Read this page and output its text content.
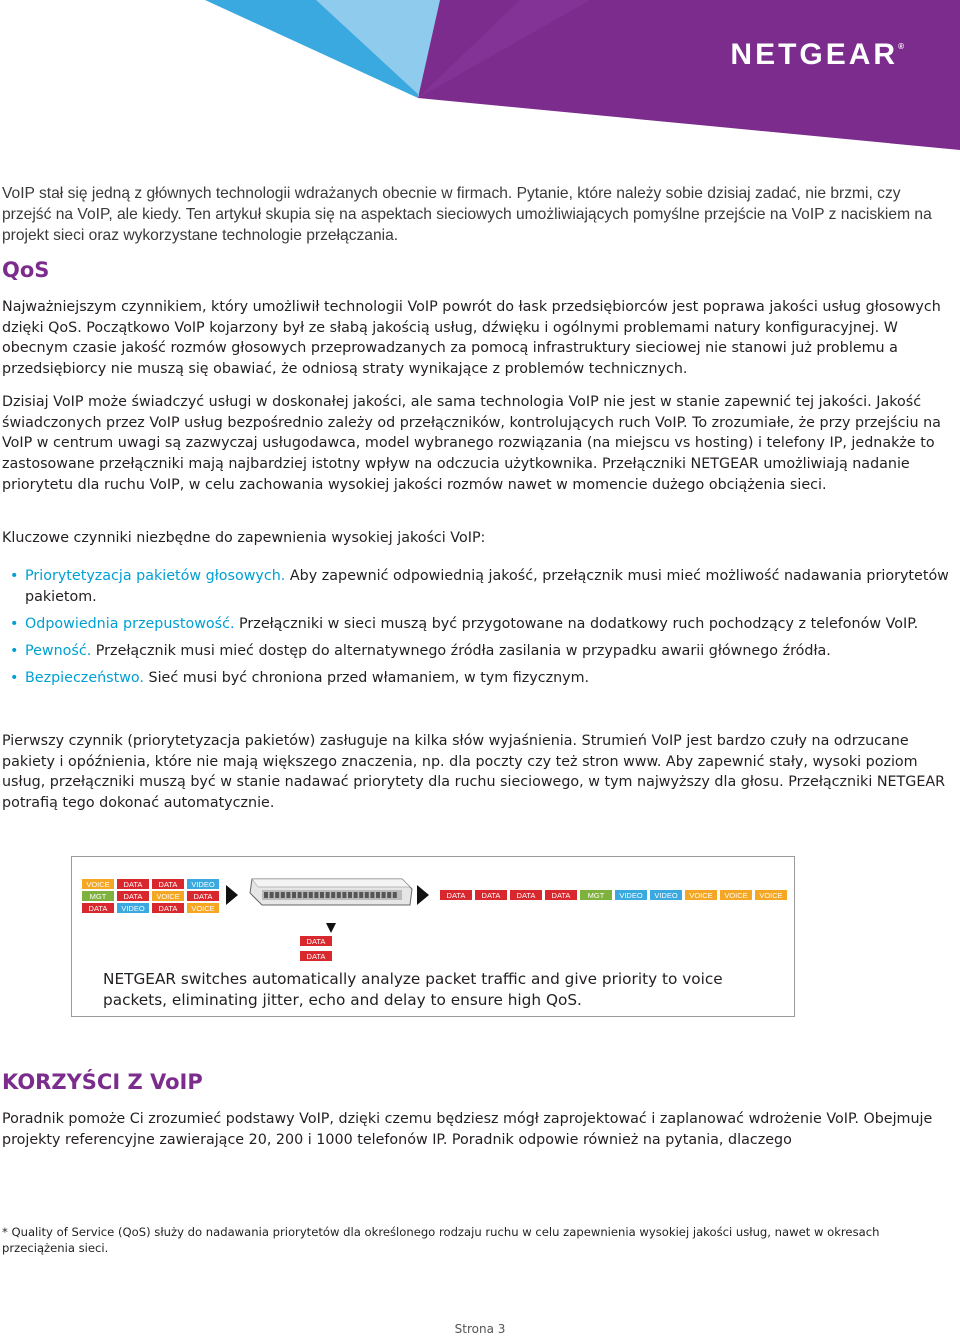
NETGEAR®

VoIP stał się jedną z głównych technologii wdrażanych obecnie w firmach. Pytanie, które należy sobie dzisiaj zadać, nie brzmi, czy przejść na VoIP, ale kiedy. Ten artykuł skupia się na aspektach sieciowych umożliwiających pomyślne przejście na VoIP z naciskiem na projekt sieci oraz wykorzystane technologie przełączania.

QoS

Najważniejszym czynnikiem, który umożliwił technologii VoIP powrót do łask przedsiębiorców jest poprawa jakości usług głosowych dzięki QoS. Początkowo VoIP kojarzony był ze słabą jakością usług, dźwięku i ogólnymi problemami natury konfiguracyjnej. W obecnym czasie jakość rozmów głosowych przeprowadzanych za pomocą infrastruktury sieciowej nie stanowi już problemu a przedsiębiorcy nie muszą się obawiać, że odniosą straty wynikające z problemów technicznych.

Dzisiaj VoIP może świadczyć usługi w doskonałej jakości, ale sama technologia VoIP nie jest w stanie zapewnić tej jakości. Jakość świadczonych przez VoIP usług bezpośrednio zależy od przełączników, kontrolujących ruch VoIP. To zrozumiałe, że przy przejściu na VoIP w centrum uwagi są zazwyczaj usługodawca, model wybranego rozwiązania (na miejscu vs hosting) i telefony IP, jednakże to zastosowane przełączniki mają najbardziej istotny wpływ na odczucia użytkownika. Przełączniki NETGEAR umożliwiają nadanie priorytetu dla ruchu VoIP, w celu zachowania wysokiej jakości rozmów nawet w momencie dużego obciążenia sieci.

Kluczowe czynniki niezbędne do zapewnienia wysokiej jakości VoIP:

• Priorytetyzacja pakietów głosowych. Aby zapewnić odpowiednią jakość, przełącznik musi mieć możliwość nadawania priorytetów pakietom.
• Odpowiednia przepustowość. Przełączniki w sieci muszą być przygotowane na dodatkowy ruch pochodzący z telefonów VoIP.
• Pewność. Przełącznik musi mieć dostęp do alternatywnego źródła zasilania w przypadku awarii głównego źródła.
• Bezpieczeństwo. Sieć musi być chroniona przed włamaniem, w tym fizycznym.

Pierwszy czynnik (priorytetyzacja pakietów) zasługuje na kilka słów wyjaśnienia. Strumień VoIP jest bardzo czuły na odrzucane pakiety i opóźnienia, które nie mają większego znaczenia, np. dla poczty czy też stron www. Aby zapewnić stały, wysoki poziom usług, przełączniki muszą być w stanie nadawać priorytety dla ruchu sieciowego, w tym najwyższy dla głosu. Przełączniki NETGEAR potrafią tego dokonać automatycznie.

VOICE DATA DATA VIDEO
MGT DATA VOICE DATA
DATA VIDEO DATA VOICE
DATA DATA DATA DATA MGT VIDEO VIDEO VOICE VOICE VOICE
DATA
DATA
NETGEAR switches automatically analyze packet traffic and give priority to voice packets, eliminating jitter, echo and delay to ensure high QoS.
KORZYŚCI Z VoIP

Poradnik pomoże Ci zrozumieć podstawy VoIP, dzięki czemu będziesz mógł zaprojektować i zaplanować wdrożenie VoIP. Obejmuje projekty referencyjne zawierające 20, 200 i 1000 telefonów IP. Poradnik odpowie również na pytania, dlaczego

* Quality of Service (QoS) służy do nadawania priorytetów dla określonego rodzaju ruchu w celu zapewnienia wysokiej jakości usług, nawet w okresach przeciążenia sieci.

Strona 3
